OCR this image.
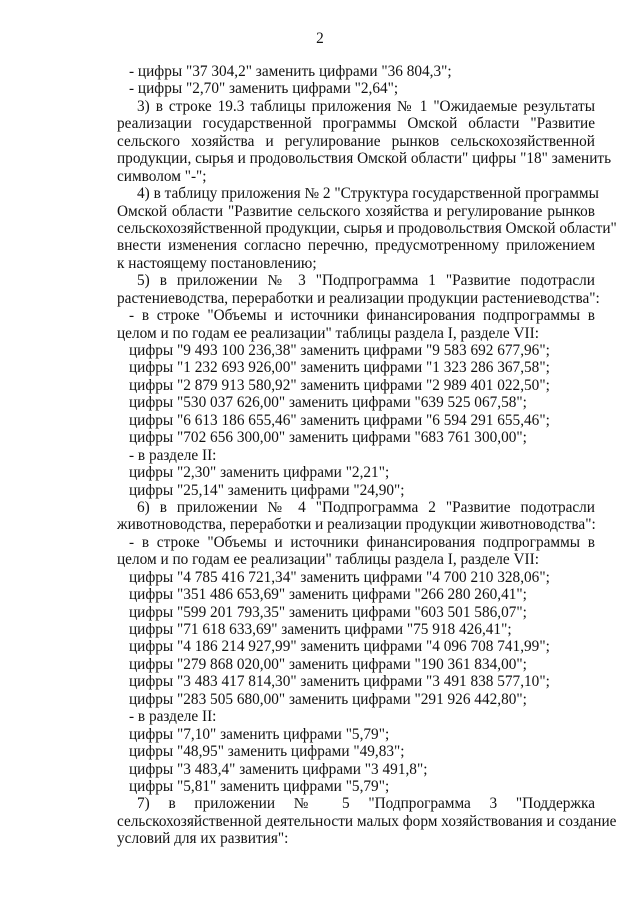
2
- цифры "37 304,2" заменить цифрами "36 804,3";
- цифры "2,70" заменить цифрами "2,64";
3) в строке 19.3 таблицы приложения № 1 "Ожидаемые результаты
реализации государственной программы Омской области "Развитие
сельского хозяйства и регулирование рынков сельскохозяйственной
продукции, сырья и продовольствия Омской области" цифры "18" заменить
символом "-";
4) в таблицу приложения № 2 "Структура государственной программы
Омской области "Развитие сельского хозяйства и регулирование рынков
сельскохозяйственной продукции, сырья и продовольствия Омской области"
внести изменения согласно перечню, предусмотренному приложением
к настоящему постановлению;
5) в приложении № 3 "Подпрограмма 1 "Развитие подотрасли
растениеводства, переработки и реализации продукции растениеводства":
- в строке "Объемы и источники финансирования подпрограммы в
целом и по годам ее реализации" таблицы раздела I, разделе VII:
цифры "9 493 100 236,38" заменить цифрами "9 583 692 677,96";
цифры "1 232 693 926,00" заменить цифрами "1 323 286 367,58";
цифры "2 879 913 580,92" заменить цифрами "2 989 401 022,50";
цифры "530 037 626,00" заменить цифрами "639 525 067,58";
цифры "6 613 186 655,46" заменить цифрами "6 594 291 655,46";
цифры "702 656 300,00" заменить цифрами "683 761 300,00";
- в разделе II:
цифры "2,30" заменить цифрами "2,21";
цифры "25,14" заменить цифрами "24,90";
6) в приложении № 4 "Подпрограмма 2 "Развитие подотрасли
животноводства, переработки и реализации продукции животноводства":
- в строке "Объемы и источники финансирования подпрограммы в
целом и по годам ее реализации" таблицы раздела I, разделе VII:
цифры "4 785 416 721,34" заменить цифрами "4 700 210 328,06";
цифры "351 486 653,69" заменить цифрами "266 280 260,41";
цифры "599 201 793,35" заменить цифрами "603 501 586,07";
цифры "71 618 633,69" заменить цифрами "75 918 426,41";
цифры "4 186 214 927,99" заменить цифрами "4 096 708 741,99";
цифры "279 868 020,00" заменить цифрами "190 361 834,00";
цифры "3 483 417 814,30" заменить цифрами "3 491 838 577,10";
цифры "283 505 680,00" заменить цифрами "291 926 442,80";
- в разделе II:
цифры "7,10" заменить цифрами "5,79";
цифры "48,95" заменить цифрами "49,83";
цифры "3 483,4" заменить цифрами "3 491,8";
цифры "5,81" заменить цифрами "5,79";
7) в приложении № 5 "Подпрограмма 3 "Поддержка
сельскохозяйственной деятельности малых форм хозяйствования и создание
условий для их развития":
